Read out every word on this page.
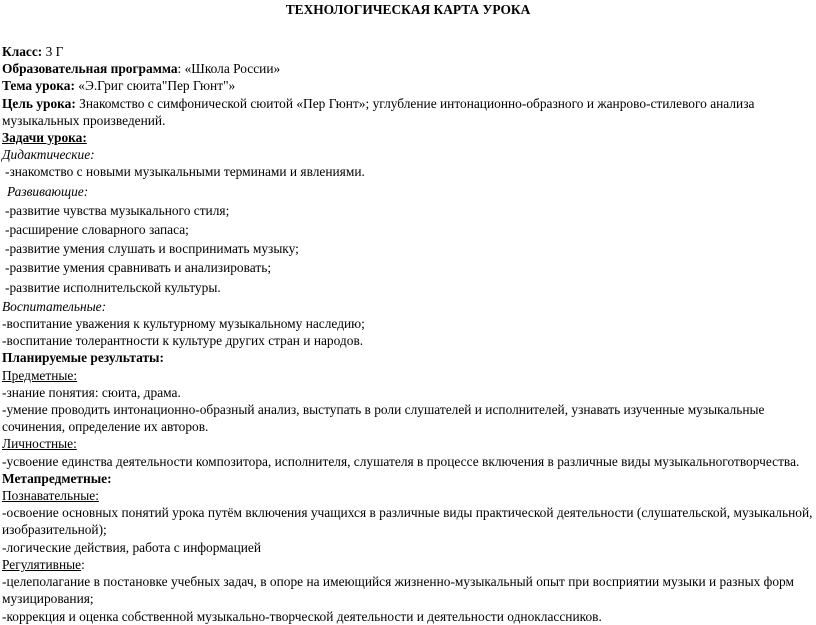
ТЕХНОЛОГИЧЕСКАЯ КАРТА УРОКА

Класс: 3 Г

Образовательная программа: «Школа России»

Тема урока: «Э.Григ сюита"Пер Гюнт"»

Цель урока: Знакомство с симфонической сюитой «Пер Гюнт»; углубление интонационно-образного и жанрово-стилевого анализа музыкальных произведений.

Задачи урока:

Дидактические:

-знакомство с новыми музыкальными терминами и явлениями.

Развивающие:

-развитие чувства музыкального стиля;

-расширение словарного запаса;

-развитие умения слушать и воспринимать музыку;

-развитие умения сравнивать и анализировать;

-развитие исполнительской культуры.

Воспитательные:

-воспитание уважения к культурному музыкальному наследию;

-воспитание толерантности к культуре других стран и народов.

Планируемые результаты:

Предметные:

-знание понятия: сюита, драма.

-умение проводить интонационно-образный анализ, выступать в роли слушателей и исполнителей, узнавать изученные музыкальные сочинения, определение их авторов.

Личностные:

-усвоение единства деятельности композитора, исполнителя, слушателя в процессе включения в различные виды музыкальноготворчества.

Метапредметные:

Познавательные:

-освоение основных понятий урока путём включения учащихся в различные виды практической деятельности (слушательской, музыкальной, изобразительной);

-логические действия, работа с информацией

Регулятивные:

-целеполагание в постановке учебных задач, в опоре на имеющийся жизненно-музыкальный опыт при восприятии музыки и разных форм музицирования;

-коррекция и оценка собственной музыкально-творческой деятельности и деятельности одноклассников.
